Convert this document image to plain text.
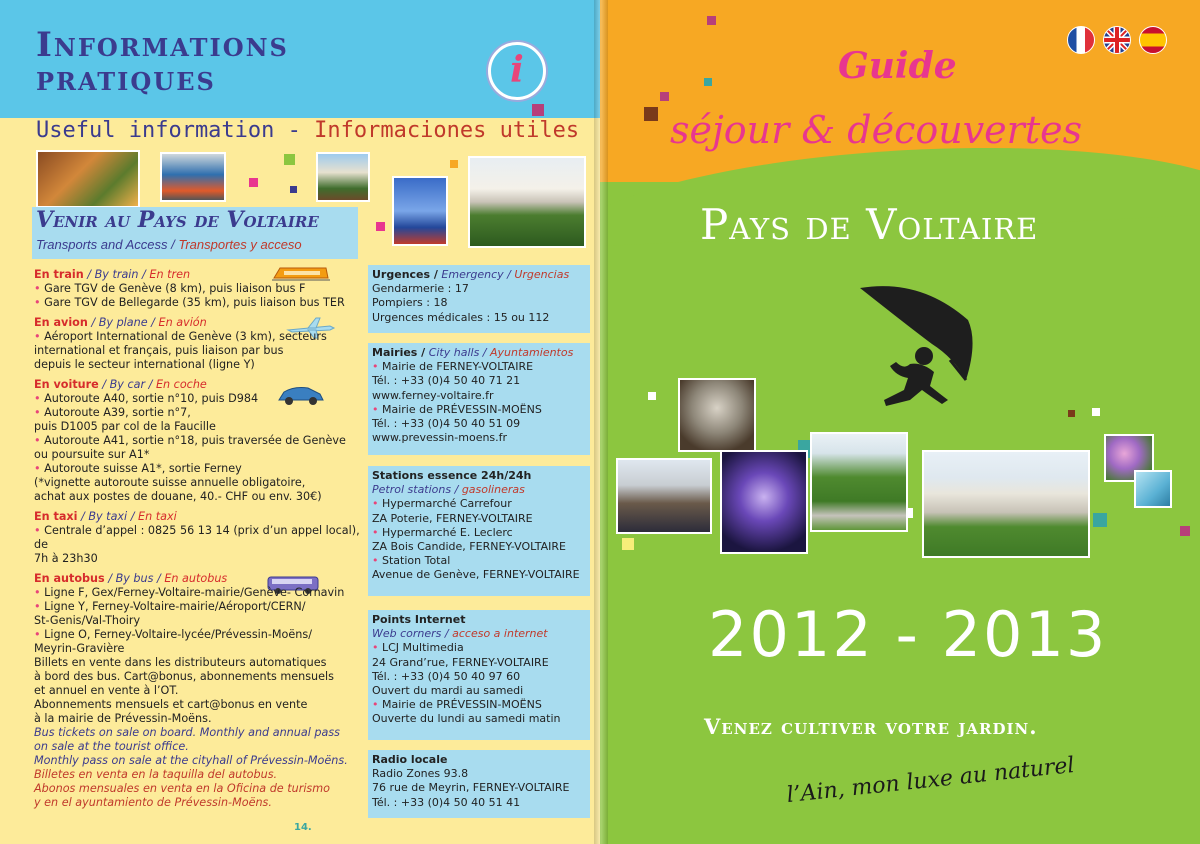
Informations
pratiques	i
Useful information - Informaciones utiles
Venir au Pays de Voltaire
Transports and Access / Transportes y acceso
En train / By train / En tren
• Gare TGV de Genève (8 km), puis liaison bus F
• Gare TGV de Bellegarde (35 km), puis liaison bus TER
En avion / By plane / En avión
• Aéroport International de Genève (3 km), secteurs
international et français, puis liaison par bus
depuis le secteur international (ligne Y)
En voiture / By car / En coche
• Autoroute A40, sortie n°10, puis D984
• Autoroute A39, sortie n°7,
puis D1005 par col de la Faucille
• Autoroute A41, sortie n°18, puis traversée de Genève
ou poursuite sur A1*
• Autoroute suisse A1*, sortie Ferney
(*vignette autoroute suisse annuelle obligatoire,
achat aux postes de douane, 40.- CHF ou env. 30€)
En taxi / By taxi / En taxi
• Centrale d’appel : 0825 56 13 14 (prix d’un appel local), de
7h à 23h30
En autobus / By bus / En autobus
• Ligne F, Gex/Ferney-Voltaire-mairie/Genève- Cornavin
• Ligne Y, Ferney-Voltaire-mairie/Aéroport/CERN/
St-Genis/Val-Thoiry
• Ligne O, Ferney-Voltaire-lycée/Prévessin-Moëns/
Meyrin-Gravière
Billets en vente dans les distributeurs automatiques
à bord des bus. Cart@bonus, abonnements mensuels
et annuel en vente à l’OT.
Abonnements mensuels et cart@bonus en vente
à la mairie de Prévessin-Moëns.
Bus tickets on sale on board. Monthly and annual pass
on sale at the tourist office.
Monthly pass on sale at the cityhall of Prévessin-Moëns.
Billetes en venta en la taquilla del autobus.
Abonos mensuales en venta en la Oficina de turismo
y en el ayuntamiento de Prévessin-Moëns.
14.
Urgences / Emergency / Urgencias
Gendarmerie : 17
Pompiers : 18
Urgences médicales : 15 ou 112
Mairies / City halls / Ayuntamientos
• Mairie de FERNEY-VOLTAIRE
Tél. : +33 (0)4 50 40 71 21
www.ferney-voltaire.fr
• Mairie de PRÉVESSIN-MOËNS
Tél. : +33 (0)4 50 40 51 09
www.prevessin-moens.fr
Stations essence 24h/24h
Petrol stations / gasolineras
• Hypermarché Carrefour
ZA Poterie, FERNEY-VOLTAIRE
• Hypermarché E. Leclerc
ZA Bois Candide, FERNEY-VOLTAIRE
• Station Total
Avenue de Genève, FERNEY-VOLTAIRE
Points Internet
Web corners / acceso a internet
• LCJ Multimedia
24 Grand’rue, FERNEY-VOLTAIRE
Tél. : +33 (0)4 50 40 97 60
Ouvert du mardi au samedi
• Mairie de PRÉVESSIN-MOËNS
Ouverte du lundi au samedi matin
Radio locale
Radio Zones 93.8
76 rue de Meyrin, FERNEY-VOLTAIRE
Tél. : +33 (0)4 50 40 51 41
Guide
séjour & découvertes
Pays de Voltaire
2012 - 2013
Venez cultiver votre jardin.
l’Ain, mon luxe au naturel
